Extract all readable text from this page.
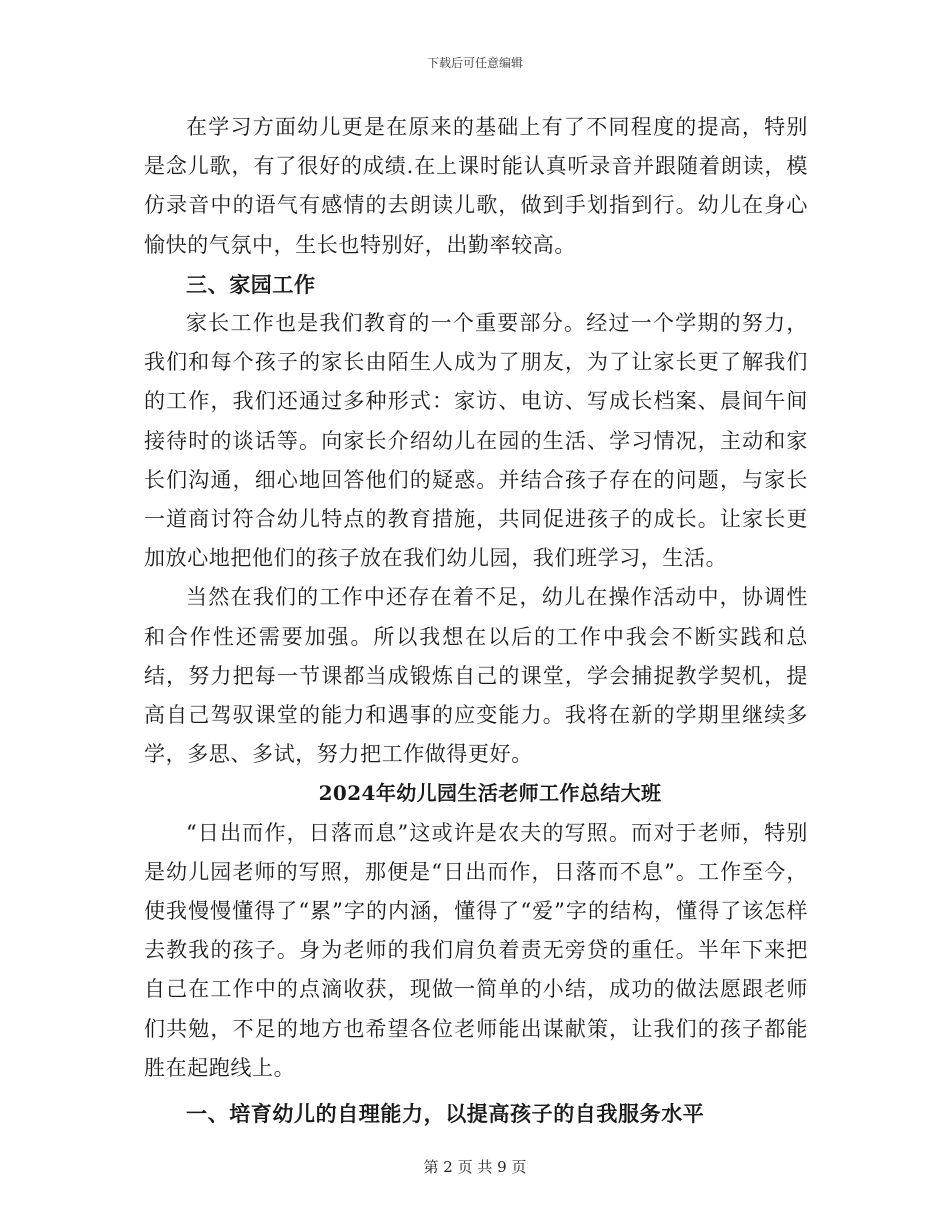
下载后可任意编辑

在学习方面幼儿更是在原来的基础上有了不同程度的提高，特别是念儿歌，有了很好的成绩.在上课时能认真听录音并跟随着朗读，模仿录音中的语气有感情的去朗读儿歌，做到手划指到行。幼儿在身心愉快的气氛中，生长也特别好，出勤率较高。

三、家园工作

家长工作也是我们教育的一个重要部分。经过一个学期的努力，我们和每个孩子的家长由陌生人成为了朋友，为了让家长更了解我们的工作，我们还通过多种形式：家访、电访、写成长档案、晨间午间接待时的谈话等。向家长介绍幼儿在园的生活、学习情况，主动和家长们沟通，细心地回答他们的疑惑。并结合孩子存在的问题，与家长一道商讨符合幼儿特点的教育措施，共同促进孩子的成长。让家长更加放心地把他们的孩子放在我们幼儿园，我们班学习，生活。

当然在我们的工作中还存在着不足，幼儿在操作活动中，协调性和合作性还需要加强。所以我想在以后的工作中我会不断实践和总结，努力把每一节课都当成锻炼自己的课堂，学会捕捉教学契机，提高自己驾驭课堂的能力和遇事的应变能力。我将在新的学期里继续多学，多思、多试，努力把工作做得更好。

2024年幼儿园生活老师工作总结大班

“日出而作，日落而息”这或许是农夫的写照。而对于老师，特别是幼儿园老师的写照，那便是“日出而作，日落而不息”。工作至今，使我慢慢懂得了“累”字的内涵，懂得了“爱”字的结构，懂得了该怎样去教我的孩子。身为老师的我们肩负着责无旁贷的重任。半年下来把自己在工作中的点滴收获，现做一简单的小结，成功的做法愿跟老师们共勉，不足的地方也希望各位老师能出谋献策，让我们的孩子都能胜在起跑线上。

一、培育幼儿的自理能力，以提高孩子的自我服务水平

第 2 页 共 9 页
